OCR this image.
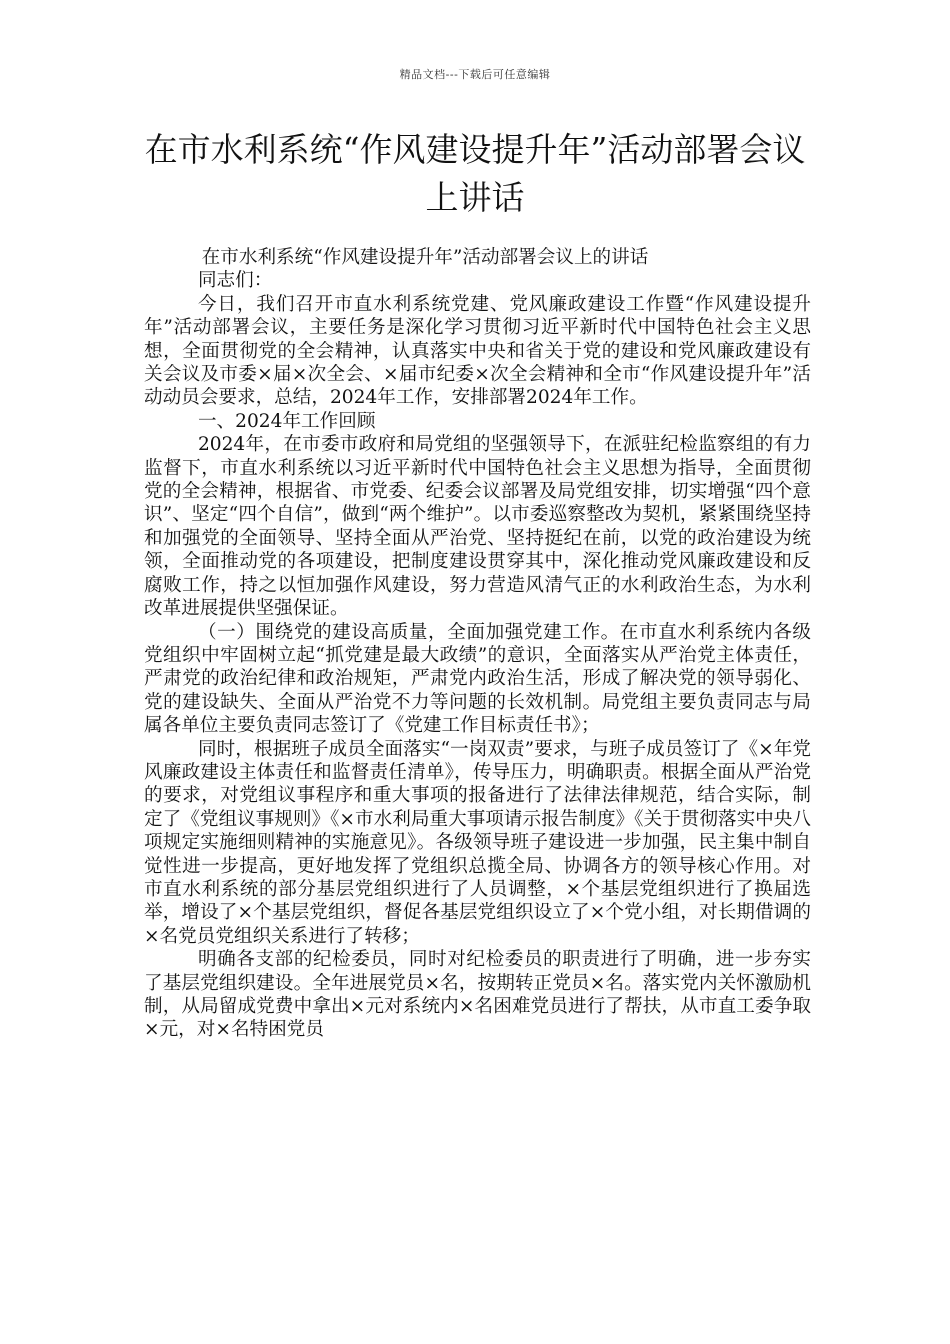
精品文档---下载后可任意编辑
在市水利系统“作风建设提升年”活动部署会议上讲话

在市水利系统“作风建设提升年”活动部署会议上的讲话

同志们：

今日，我们召开市直水利系统党建、党风廉政建设工作暨“作风建设提升年”活动部署会议，主要任务是深化学习贯彻习近平新时代中国特色社会主义思想，全面贯彻党的全会精神，认真落实中央和省关于党的建设和党风廉政建设有关会议及市委×届×次全会、×届市纪委×次全会精神和全市“作风建设提升年”活动动员会要求，总结，2024年工作，安排部署2024年工作。

一、2024年工作回顾

2024年，在市委市政府和局党组的坚强领导下，在派驻纪检监察组的有力监督下，市直水利系统以习近平新时代中国特色社会主义思想为指导，全面贯彻党的全会精神，根据省、市党委、纪委会议部署及局党组安排，切实增强“四个意识”、坚定“四个自信”，做到“两个维护”。以市委巡察整改为契机，紧紧围绕坚持和加强党的全面领导、坚持全面从严治党、坚持挺纪在前，以党的政治建设为统领，全面推动党的各项建设，把制度建设贯穿其中，深化推动党风廉政建设和反腐败工作，持之以恒加强作风建设，努力营造风清气正的水利政治生态，为水利改革进展提供坚强保证。

（一）围绕党的建设高质量，全面加强党建工作。在市直水利系统内各级党组织中牢固树立起“抓党建是最大政绩”的意识，全面落实从严治党主体责任，严肃党的政治纪律和政治规矩，严肃党内政治生活，形成了解决党的领导弱化、党的建设缺失、全面从严治党不力等问题的长效机制。局党组主要负责同志与局属各单位主要负责同志签订了《党建工作目标责任书》；

同时，根据班子成员全面落实“一岗双责”要求，与班子成员签订了《×年党风廉政建设主体责任和监督责任清单》，传导压力，明确职责。根据全面从严治党的要求，对党组议事程序和重大事项的报备进行了法律法律规范，结合实际，制定了《党组议事规则》《×市水利局重大事项请示报告制度》《关于贯彻落实中央八项规定实施细则精神的实施意见》。各级领导班子建设进一步加强，民主集中制自觉性进一步提高，更好地发挥了党组织总揽全局、协调各方的领导核心作用。对市直水利系统的部分基层党组织进行了人员调整，×个基层党组织进行了换届选举，增设了×个基层党组织，督促各基层党组织设立了×个党小组，对长期借调的×名党员党组织关系进行了转移；

明确各支部的纪检委员，同时对纪检委员的职责进行了明确，进一步夯实了基层党组织建设。全年进展党员×名，按期转正党员×名。落实党内关怀激励机制，从局留成党费中拿出×元对系统内×名困难党员进行了帮扶，从市直工委争取×元，对×名特困党员
